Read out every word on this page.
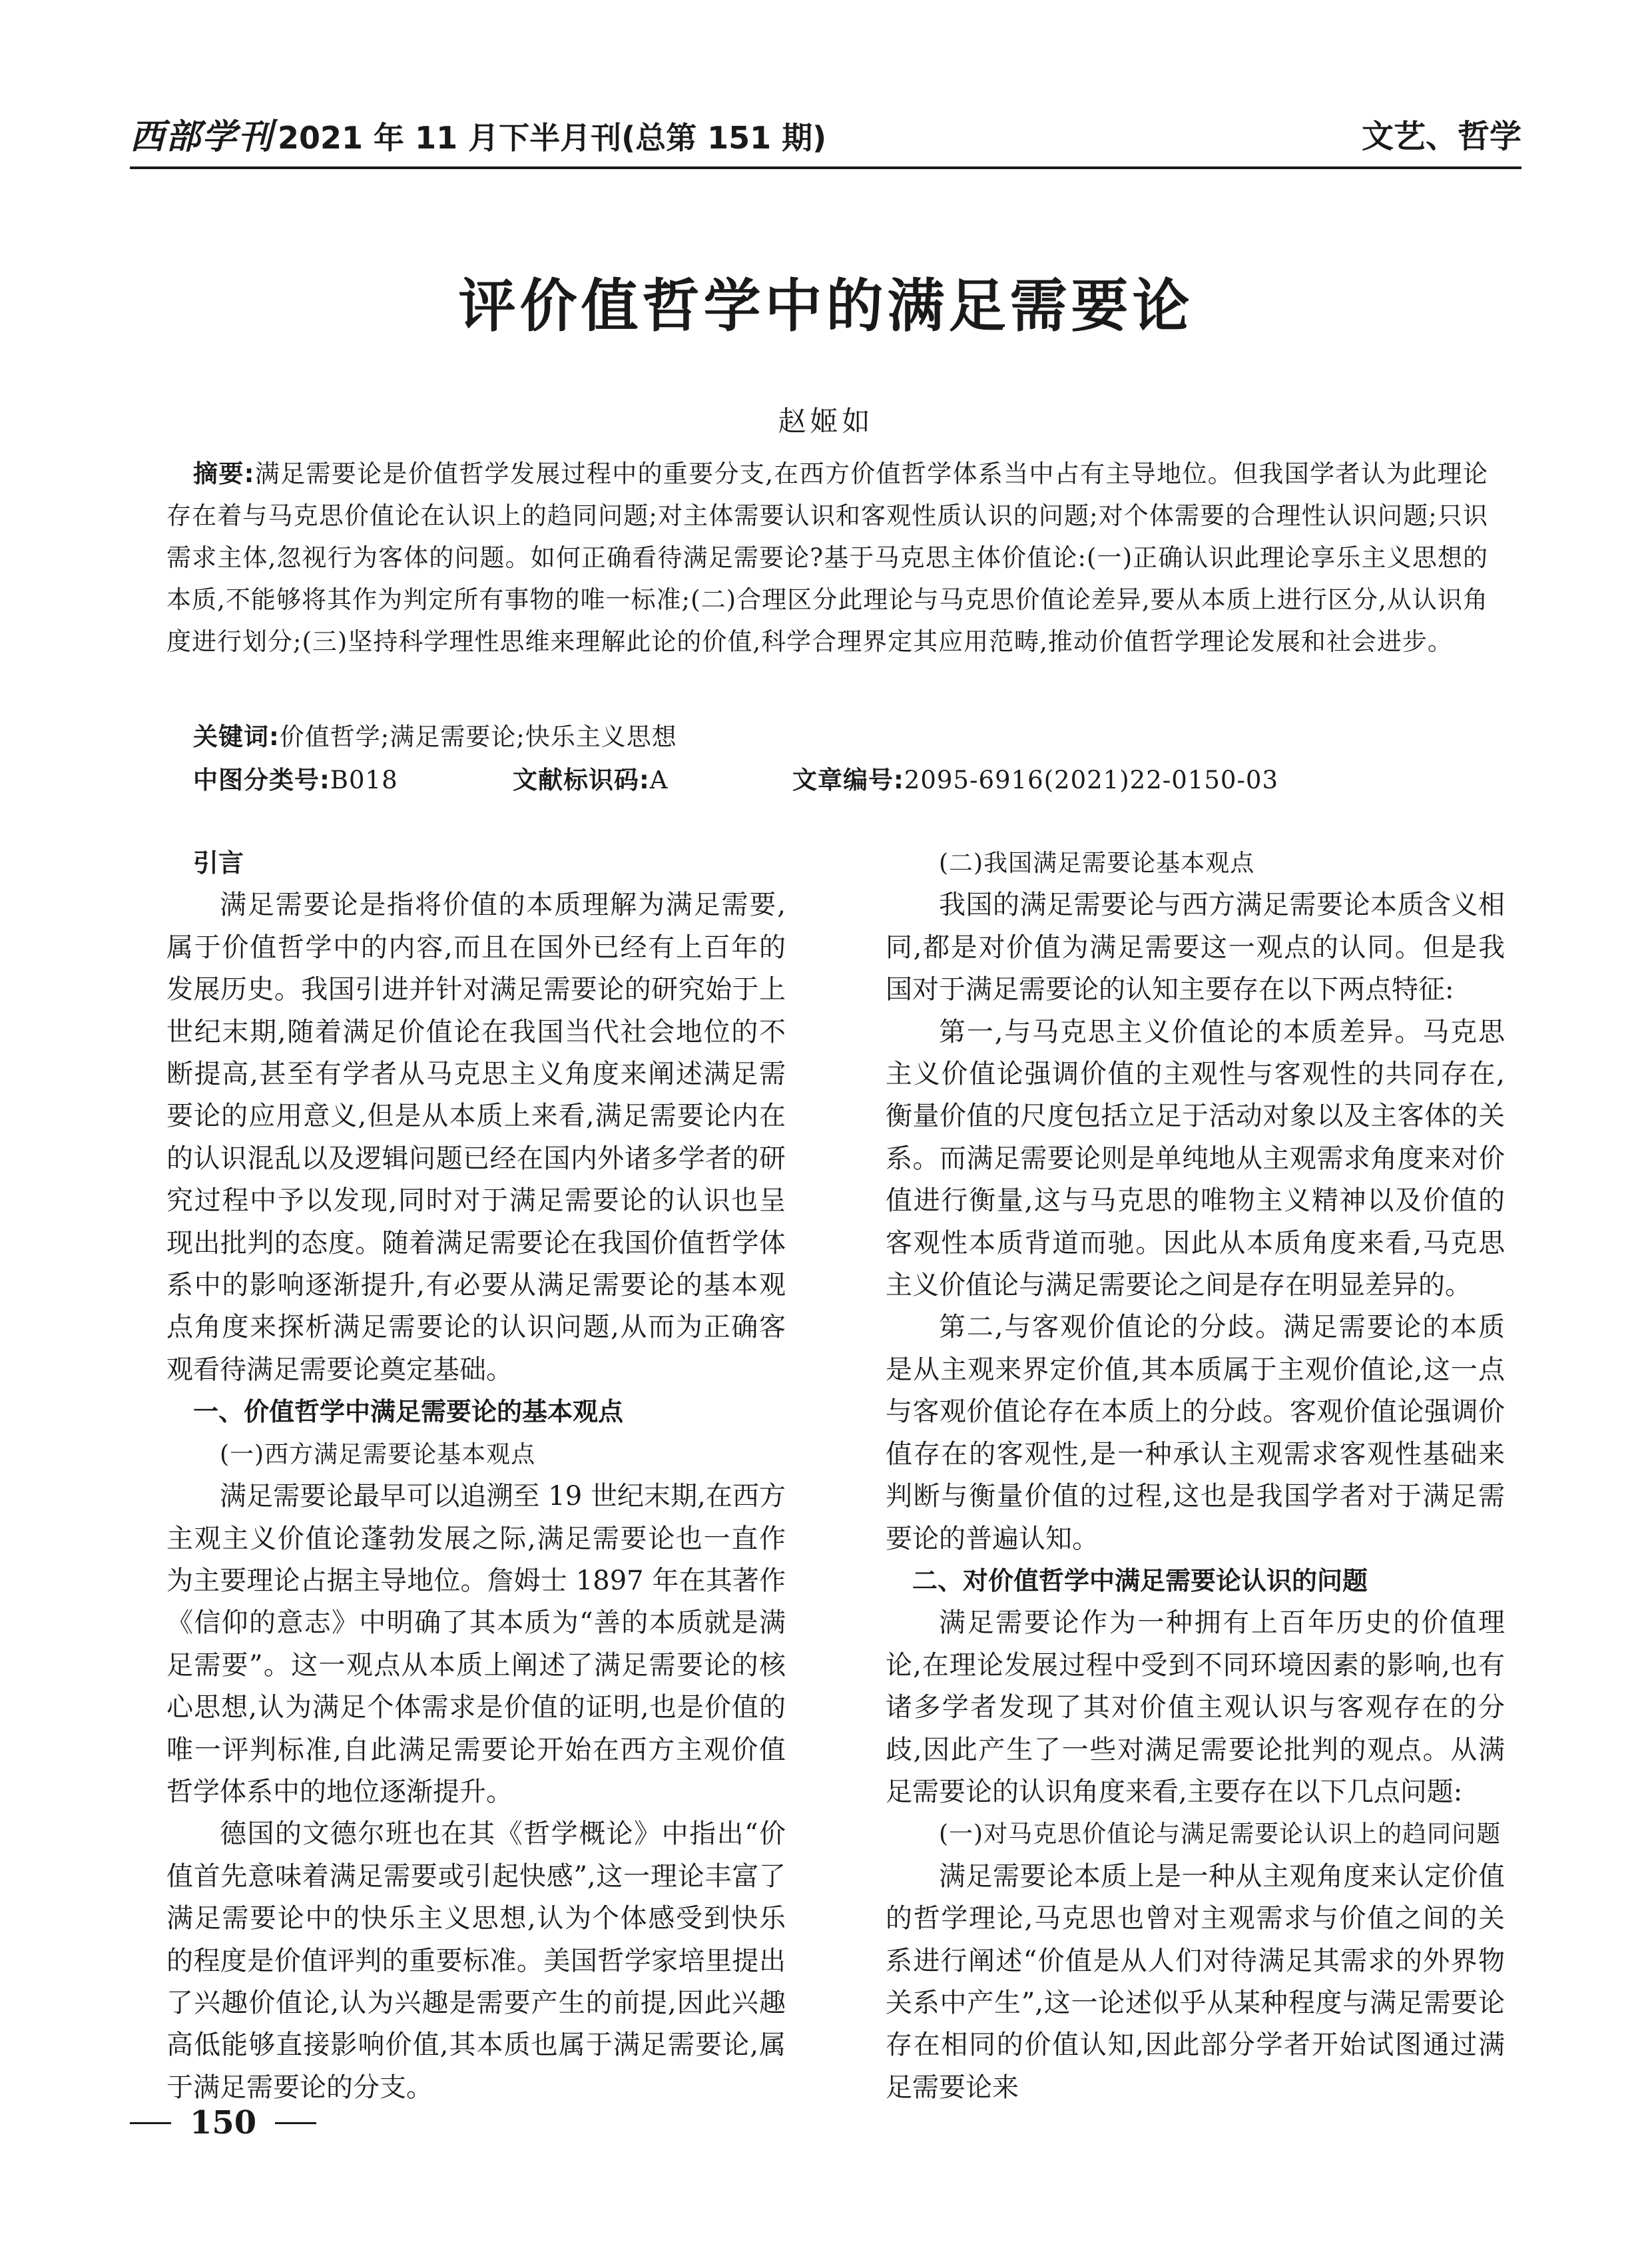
西部学刊 2021 年 11 月下半月刊(总第 151 期)	文艺、哲学
评价值哲学中的满足需要论
赵姬如
摘要:满足需要论是价值哲学发展过程中的重要分支,在西方价值哲学体系当中占有主导地位。但我国学者认为此理论存在着与马克思价值论在认识上的趋同问题;对主体需要认识和客观性质认识的问题;对个体需要的合理性认识问题;只识需求主体,忽视行为客体的问题。如何正确看待满足需要论?基于马克思主体价值论:(一)正确认识此理论享乐主义思想的本质,不能够将其作为判定所有事物的唯一标准;(二)合理区分此理论与马克思价值论差异,要从本质上进行区分,从认识角度进行划分;(三)坚持科学理性思维来理解此论的价值,科学合理界定其应用范畴,推动价值哲学理论发展和社会进步。
关键词:价值哲学;满足需要论;快乐主义思想
中图分类号:B018	文献标识码:A	文章编号:2095-6916(2021)22-0150-03
引言

满足需要论是指将价值的本质理解为满足需要,属于价值哲学中的内容,而且在国外已经有上百年的发展历史。我国引进并针对满足需要论的研究始于上世纪末期,随着满足价值论在我国当代社会地位的不断提高,甚至有学者从马克思主义角度来阐述满足需要论的应用意义,但是从本质上来看,满足需要论内在的认识混乱以及逻辑问题已经在国内外诸多学者的研究过程中予以发现,同时对于满足需要论的认识也呈现出批判的态度。随着满足需要论在我国价值哲学体系中的影响逐渐提升,有必要从满足需要论的基本观点角度来探析满足需要论的认识问题,从而为正确客观看待满足需要论奠定基础。

一、价值哲学中满足需要论的基本观点
(一)西方满足需要论基本观点

满足需要论最早可以追溯至 19 世纪末期,在西方主观主义价值论蓬勃发展之际,满足需要论也一直作为主要理论占据主导地位。詹姆士 1897 年在其著作《信仰的意志》中明确了其本质为“善的本质就是满足需要”。这一观点从本质上阐述了满足需要论的核心思想,认为满足个体需求是价值的证明,也是价值的唯一评判标准,自此满足需要论开始在西方主观价值哲学体系中的地位逐渐提升。

德国的文德尔班也在其《哲学概论》中指出“价值首先意味着满足需要或引起快感”,这一理论丰富了满足需要论中的快乐主义思想,认为个体感受到快乐的程度是价值评判的重要标准。美国哲学家培里提出了兴趣价值论,认为兴趣是需要产生的前提,因此兴趣高低能够直接影响价值,其本质也属于满足需要论,属于满足需要论的分支。

(二)我国满足需要论基本观点

我国的满足需要论与西方满足需要论本质含义相同,都是对价值为满足需要这一观点的认同。但是我国对于满足需要论的认知主要存在以下两点特征:

第一,与马克思主义价值论的本质差异。马克思主义价值论强调价值的主观性与客观性的共同存在,衡量价值的尺度包括立足于活动对象以及主客体的关系。而满足需要论则是单纯地从主观需求角度来对价值进行衡量,这与马克思的唯物主义精神以及价值的客观性本质背道而驰。因此从本质角度来看,马克思主义价值论与满足需要论之间是存在明显差异的。

第二,与客观价值论的分歧。满足需要论的本质是从主观来界定价值,其本质属于主观价值论,这一点与客观价值论存在本质上的分歧。客观价值论强调价值存在的客观性,是一种承认主观需求客观性基础来判断与衡量价值的过程,这也是我国学者对于满足需要论的普遍认知。

二、对价值哲学中满足需要论认识的问题

满足需要论作为一种拥有上百年历史的价值理论,在理论发展过程中受到不同环境因素的影响,也有诸多学者发现了其对价值主观认识与客观存在的分歧,因此产生了一些对满足需要论批判的观点。从满足需要论的认识角度来看,主要存在以下几点问题:

(一)对马克思价值论与满足需要论认识上的趋同问题

满足需要论本质上是一种从主观角度来认定价值的哲学理论,马克思也曾对主观需求与价值之间的关系进行阐述“价值是从人们对待满足其需求的外界物关系中产生”,这一论述似乎从某种程度与满足需要论存在相同的价值认知,因此部分学者开始试图通过满足需要论来

150
